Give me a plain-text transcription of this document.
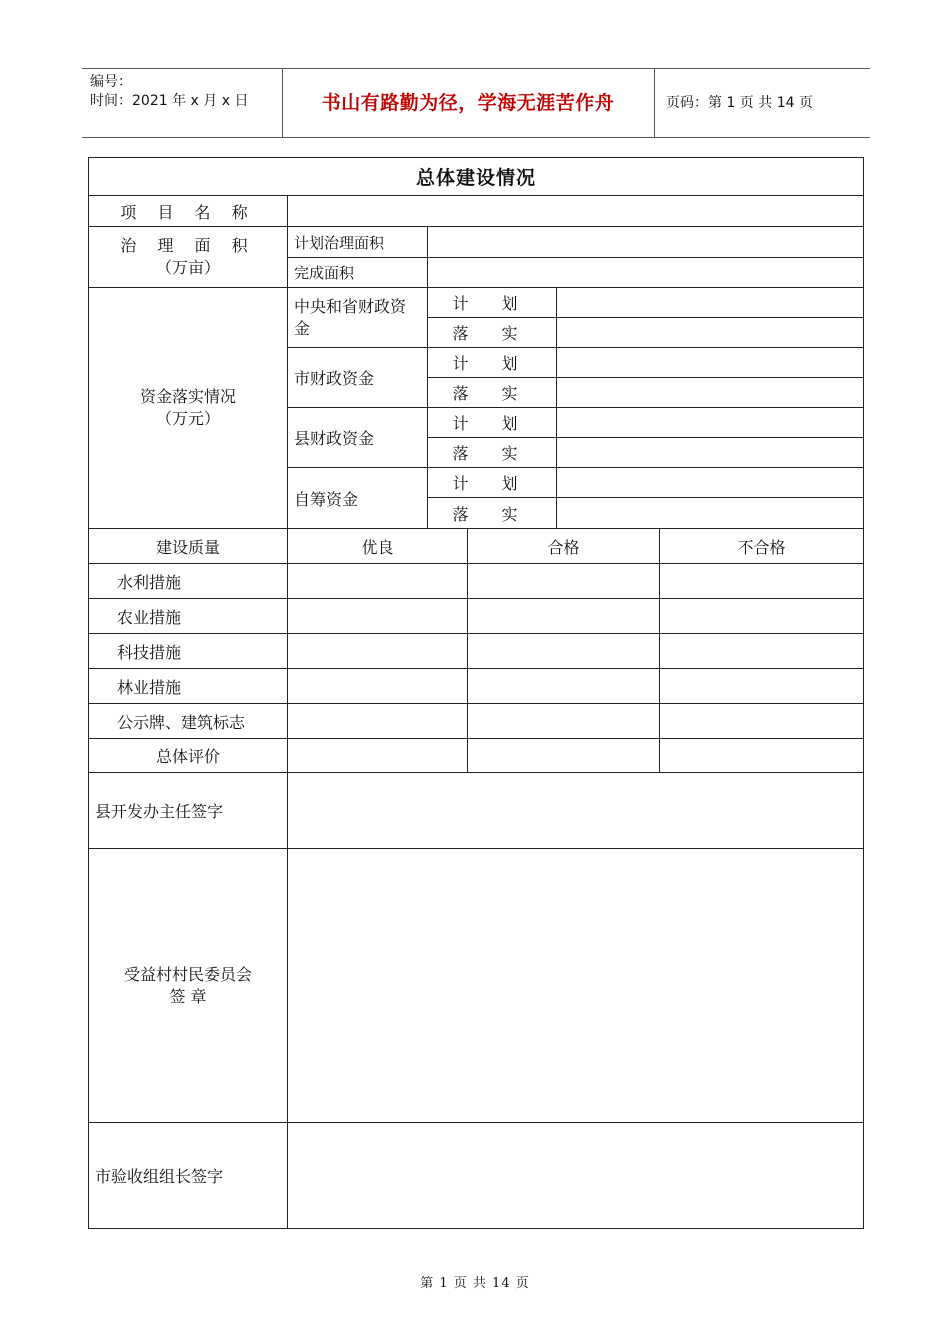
编号：
时间：2021 年 x 月 x 日	书山有路勤为径，学海无涯苦作舟	页码：第 1 页 共 14 页
总体建设情况					
项 目 名 称					

治 理 面 积
（万亩）	计划治理面积				
	完成面积				

资金落实情况
（万元）	中央和省财政资金	计 划			
		落 实			
	市财政资金	计 划			
		落 实			
	县财政资金	计 划			
		落 实			
	自筹资金	计 划			
		落 实			
建设质量	优良		合格		不合格
水利措施					
农业措施					
科技措施					
林业措施					
公示牌、建筑标志					
总体评价					
县开发办主任签字					

受益村村民委员会
签 章					

市验收组组长签字					
第 1 页 共 14 页
